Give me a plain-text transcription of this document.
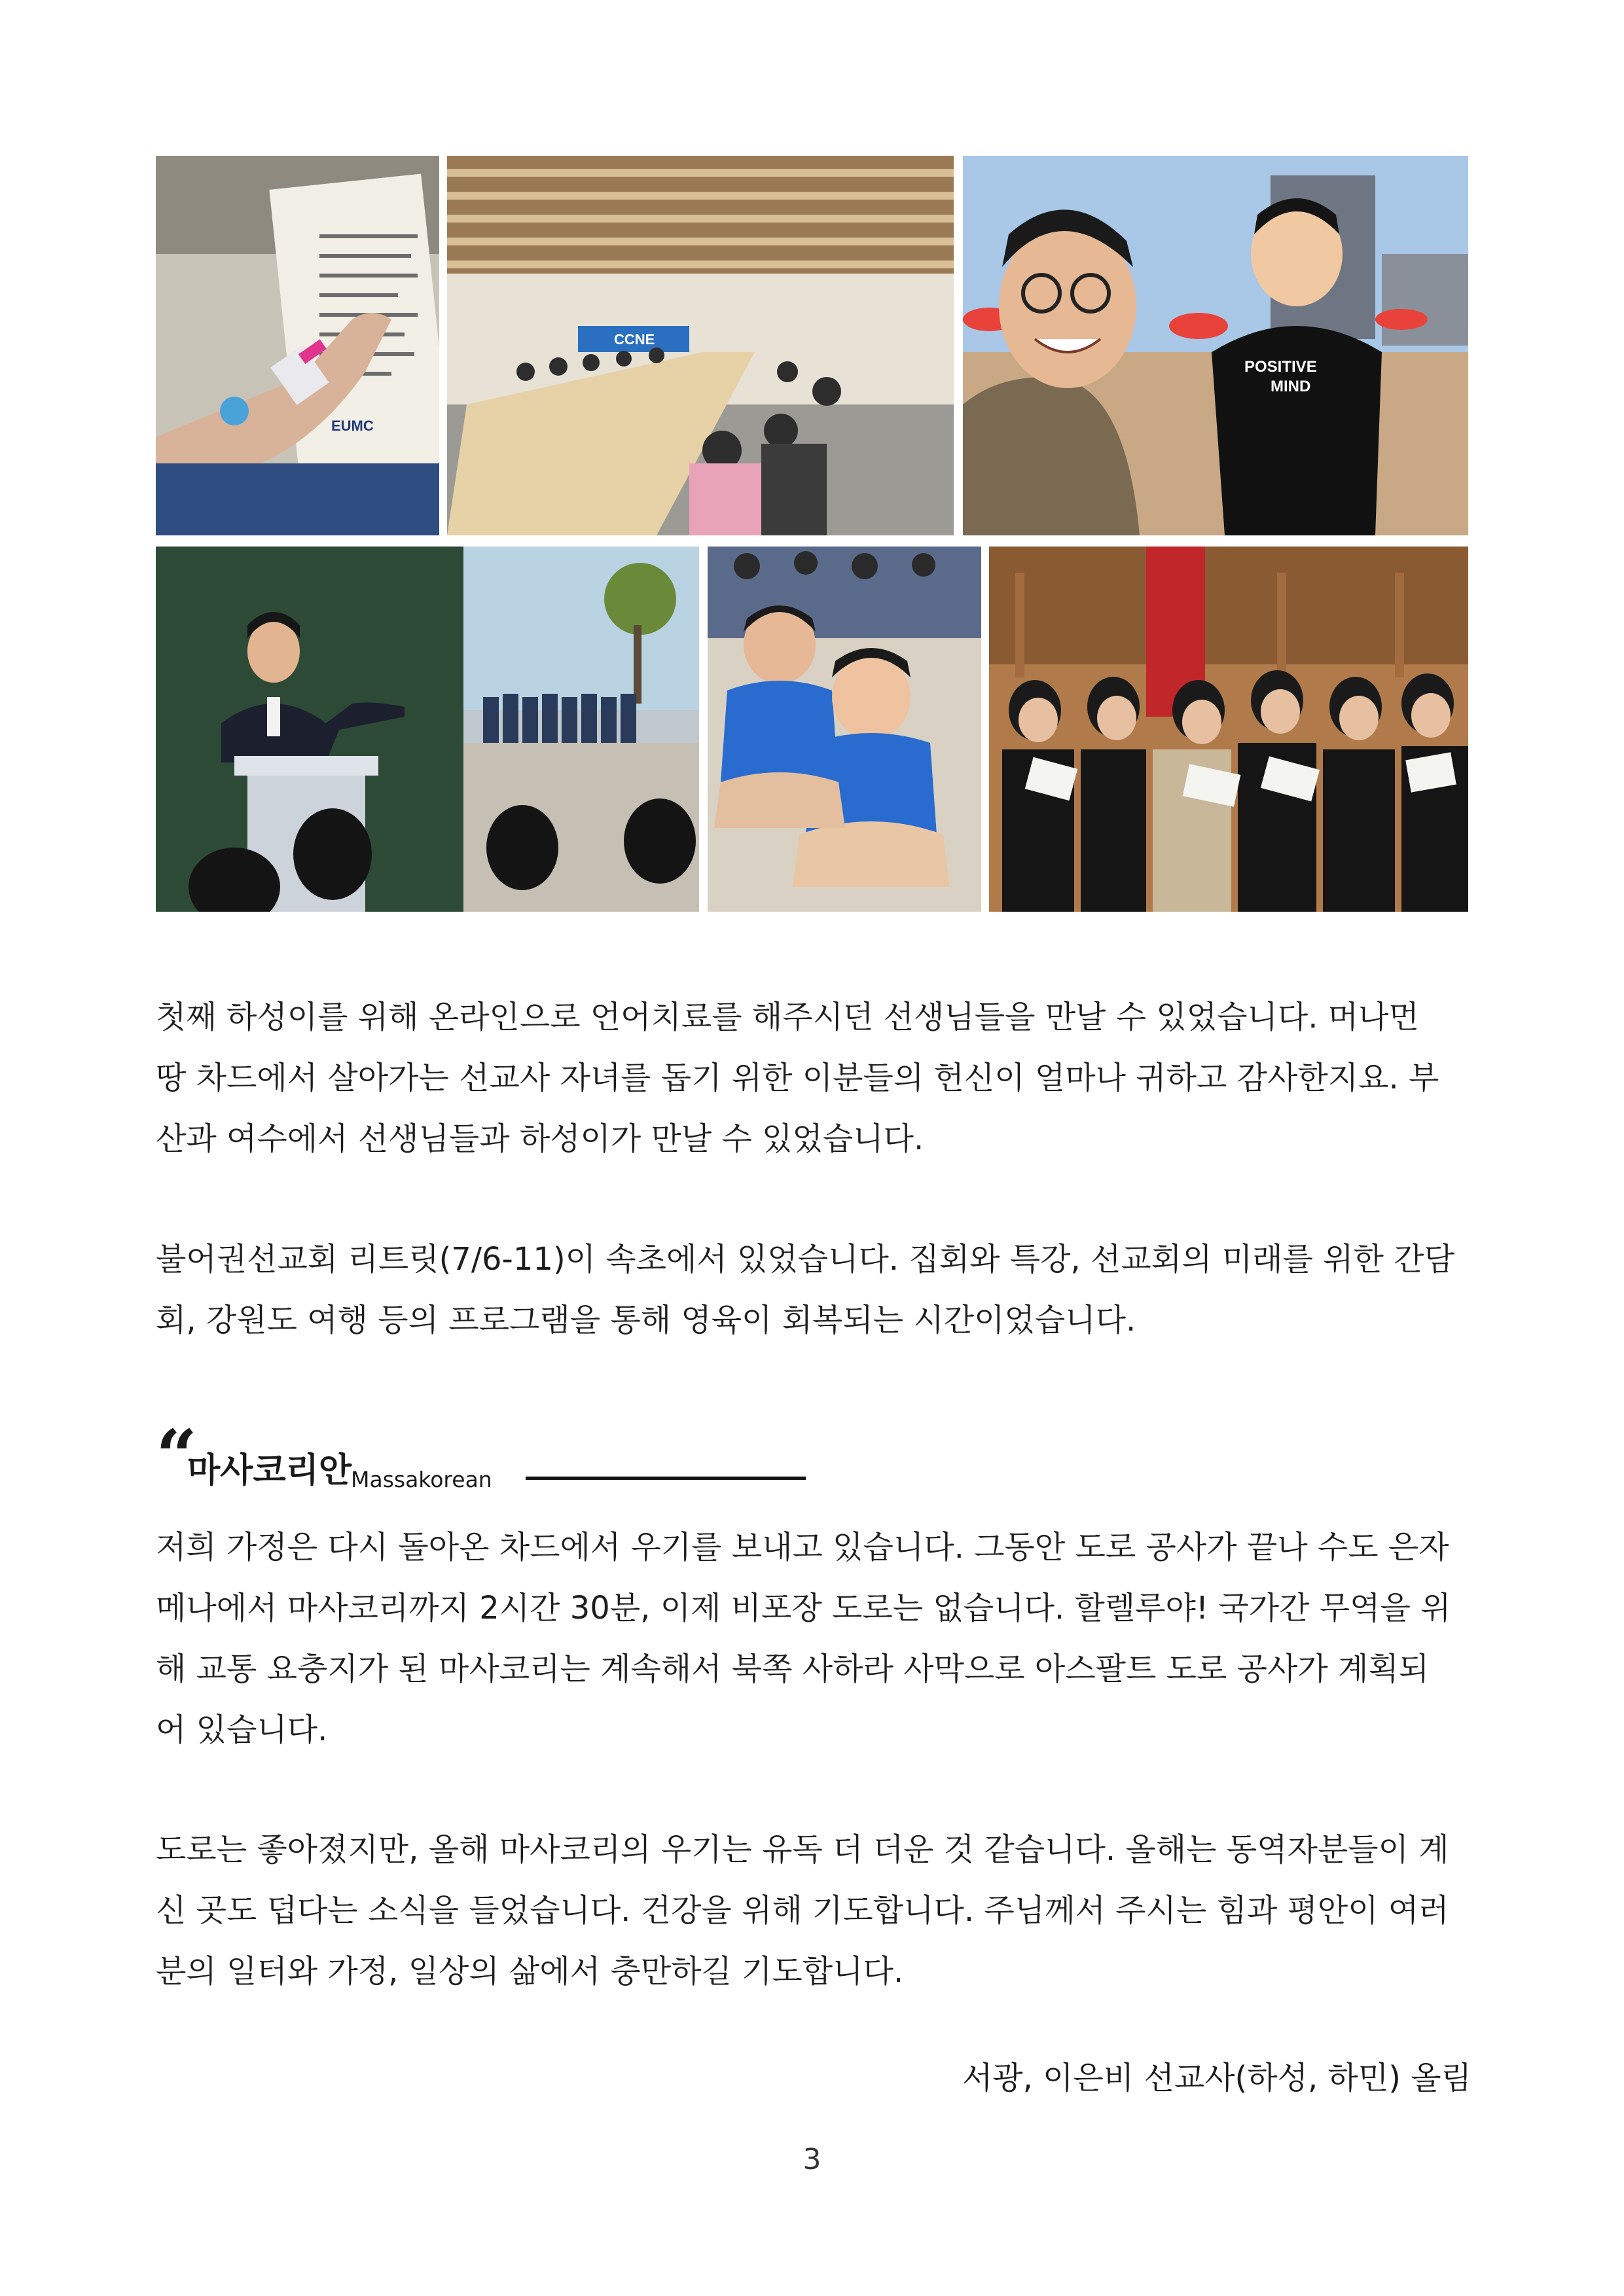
EUMC
CCNE
POSITIVE
MIND
첫째 하성이를 위해 온라인으로 언어치료를 해주시던 선생님들을 만날 수 있었습니다. 머나먼
땅 차드에서 살아가는 선교사 자녀를 돕기 위한 이분들의 헌신이 얼마나 귀하고 감사한지요. 부
산과 여수에서 선생님들과 하성이가 만날 수 있었습니다.
불어권선교회 리트릿(7/6-11)이 속초에서 있었습니다. 집회와 특강, 선교회의 미래를 위한 간담
회, 강원도 여행 등의 프로그램을 통해 영육이 회복되는 시간이었습니다.
“
마사코리안
Massakorean
저희 가정은 다시 돌아온 차드에서 우기를 보내고 있습니다. 그동안 도로 공사가 끝나 수도 은자
메나에서 마사코리까지 2시간 30분, 이제 비포장 도로는 없습니다. 할렐루야! 국가간 무역을 위
해 교통 요충지가 된 마사코리는 계속해서 북쪽 사하라 사막으로 아스팔트 도로 공사가 계획되
어 있습니다.
도로는 좋아졌지만, 올해 마사코리의 우기는 유독 더 더운 것 같습니다. 올해는 동역자분들이 계
신 곳도 덥다는 소식을 들었습니다. 건강을 위해 기도합니다. 주님께서 주시는 힘과 평안이 여러
분의 일터와 가정, 일상의 삶에서 충만하길 기도합니다.
서광, 이은비 선교사(하성, 하민) 올림
3
